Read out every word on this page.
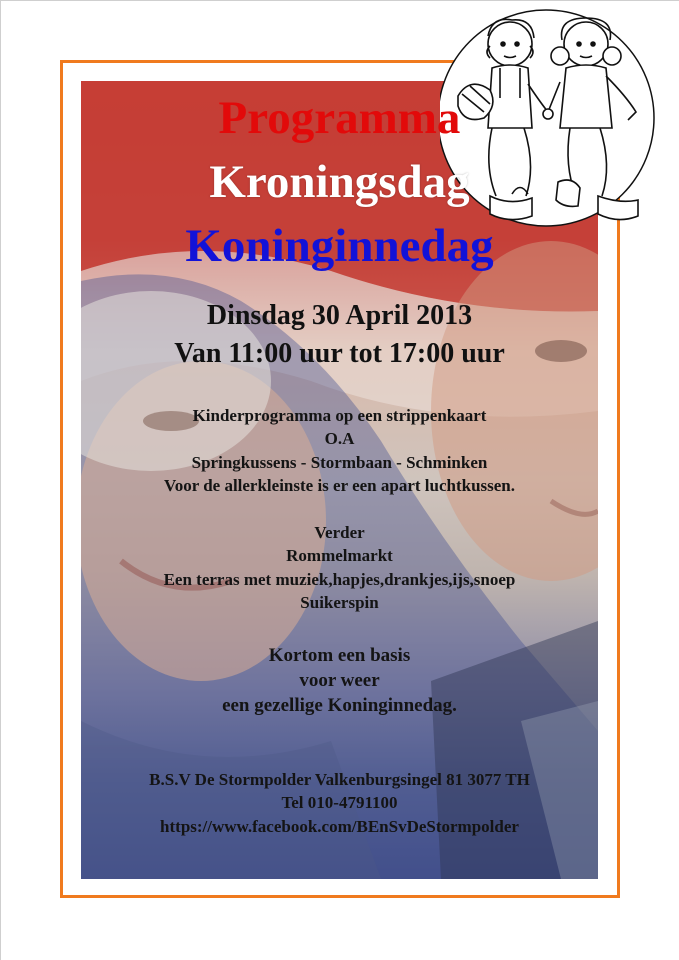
Programma
Kroningsdag
Koninginnedag
Dinsdag 30 April 2013
Van 11:00 uur tot 17:00 uur
Kinderprogramma op een strippenkaart
O.A
Springkussens - Stormbaan - Schminken
Voor de allerkleinste is er een apart luchtkussen.
Verder
Rommelmarkt
Een terras met muziek,hapjes,drankjes,ijs,snoep
Suikerspin
Kortom een basis
voor weer
een gezellige Koninginnedag.
B.S.V De Stormpolder Valkenburgsingel 81 3077 TH
Tel 010-4791100
https://www.facebook.com/BEnSvDeStormpolder
